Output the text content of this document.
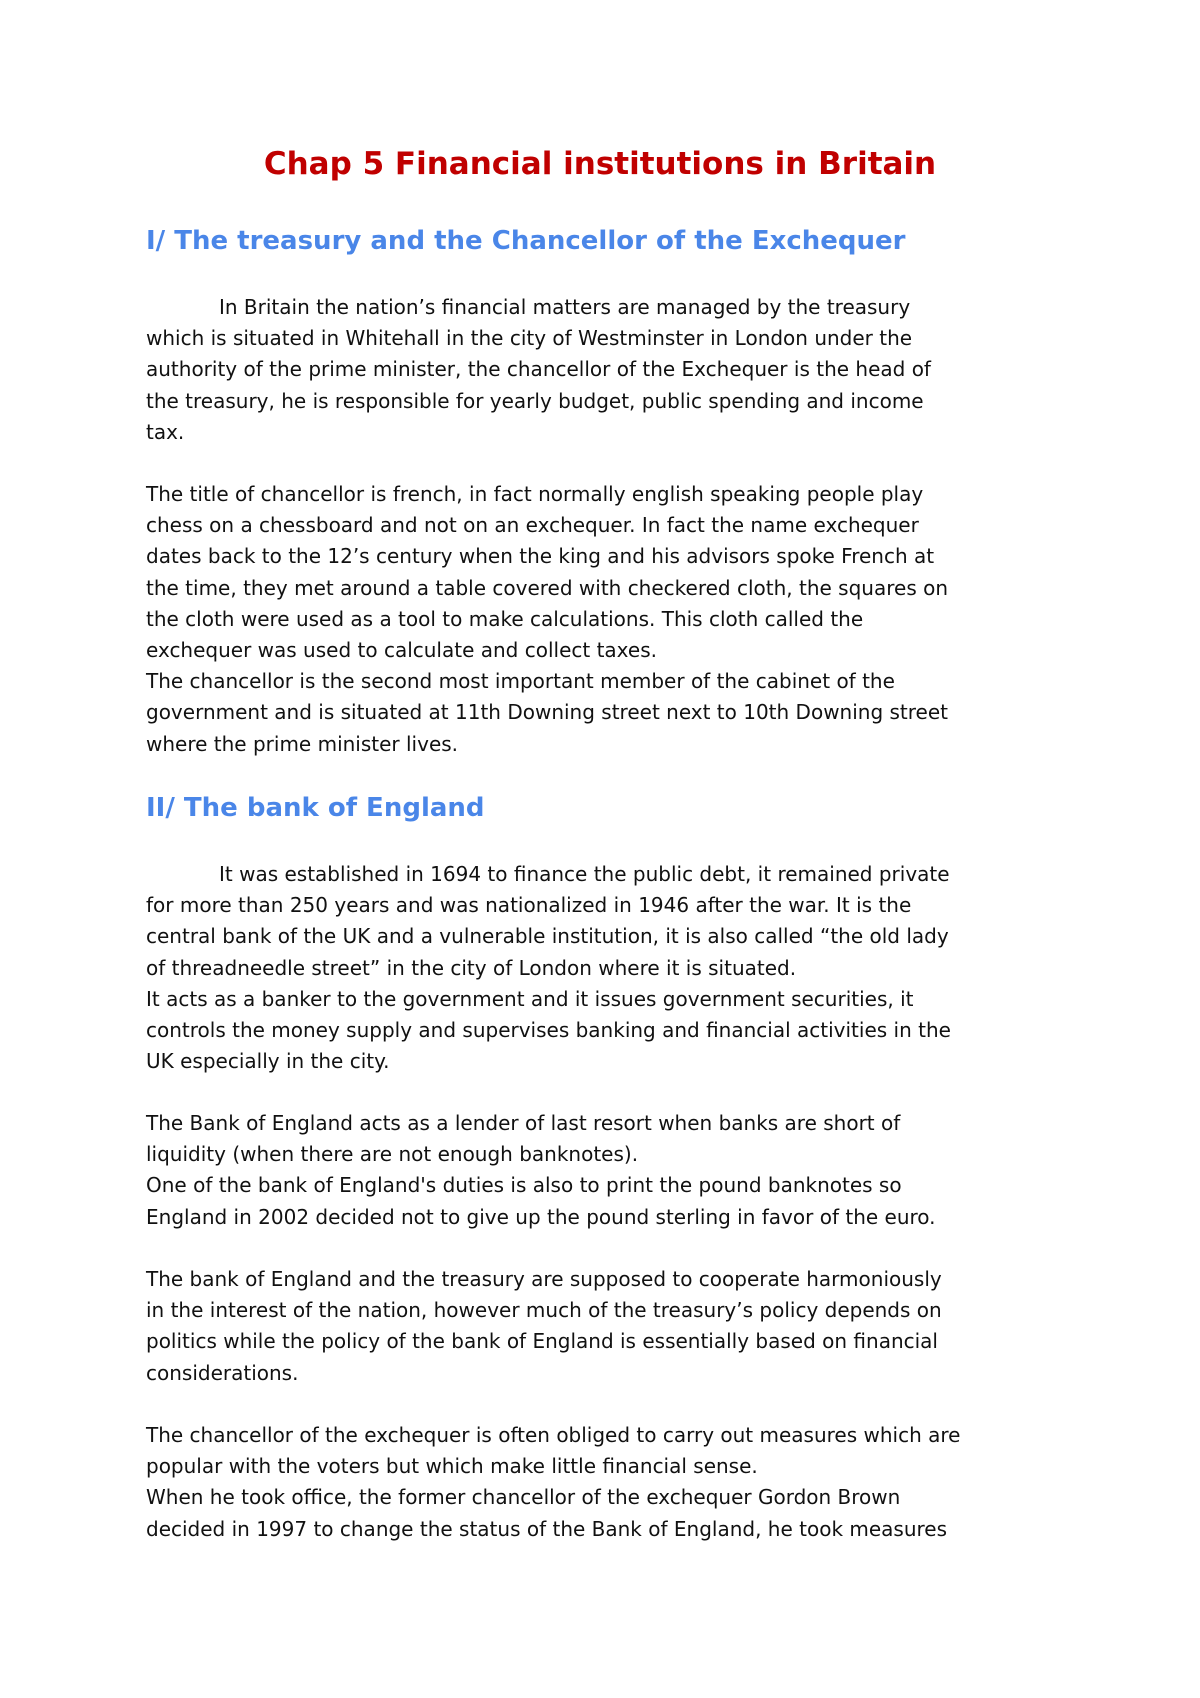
Chap 5 Financial institutions in Britain
I/ The treasury and the Chancellor of the Exchequer
In Britain the nation’s financial matters are managed by the treasury
which is situated in Whitehall in the city of Westminster in London under the
authority of the prime minister, the chancellor of the Exchequer is the head of
the treasury, he is responsible for yearly budget, public spending and income
tax.
The title of chancellor is french, in fact normally english speaking people play
chess on a chessboard and not on an exchequer. In fact the name exchequer
dates back to the 12’s century when the king and his advisors spoke French at
the time, they met around a table covered with checkered cloth, the squares on
the cloth were used as a tool to make calculations. This cloth called the
exchequer was used to calculate and collect taxes.
The chancellor is the second most important member of the cabinet of the
government and is situated at 11th Downing street next to 10th Downing street
where the prime minister lives.
II/ The bank of England
It was established in 1694 to finance the public debt, it remained private
for more than 250 years and was nationalized in 1946 after the war. It is the
central bank of the UK and a vulnerable institution, it is also called “the old lady
of threadneedle street” in the city of London where it is situated.
It acts as a banker to the government and it issues government securities, it
controls the money supply and supervises banking and financial activities in the
UK especially in the city.
The Bank of England acts as a lender of last resort when banks are short of
liquidity (when there are not enough banknotes).
One of the bank of England's duties is also to print the pound banknotes so
England in 2002 decided not to give up the pound sterling in favor of the euro.
The bank of England and the treasury are supposed to cooperate harmoniously
in the interest of the nation, however much of the treasury’s policy depends on
politics while the policy of the bank of England is essentially based on financial
considerations.
The chancellor of the exchequer is often obliged to carry out measures which are
popular with the voters but which make little financial sense.
When he took office, the former chancellor of the exchequer Gordon Brown
decided in 1997 to change the status of the Bank of England, he took measures
